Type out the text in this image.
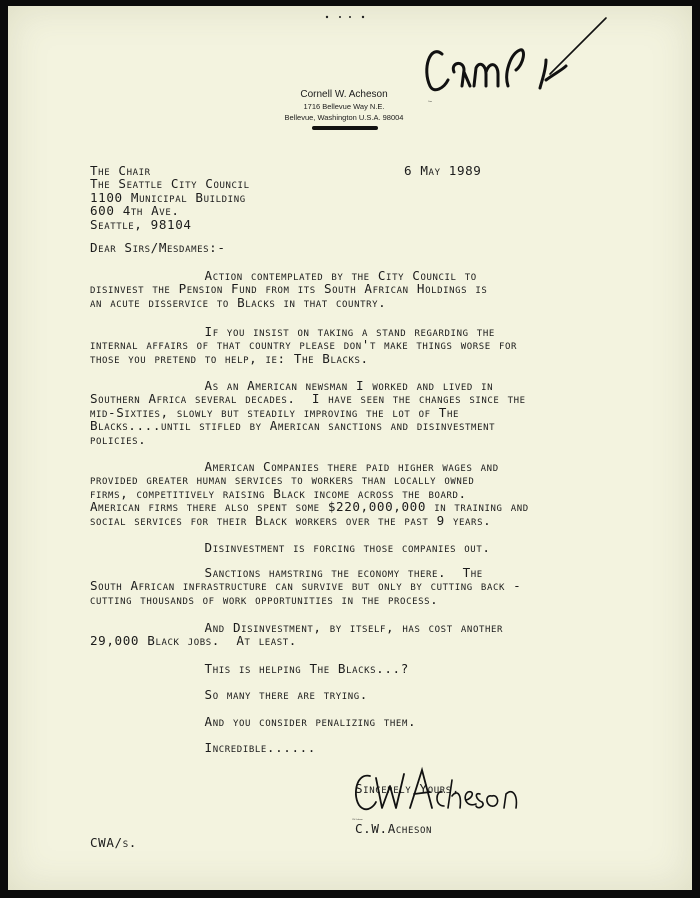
Cam
Cornell W. Acheson
1716 Bellevue Way N.E.
Bellevue, Washington U.S.A. 98004
6 May 1989
The Chair
The Seattle City Council
1100 Municipal Building
600 4th Ave.
Seattle, 98104
Dear Sirs/Mesdames:-
Action contemplated by the City Council to
disinvest the Pension Fund from its South African Holdings is
an acute disservice to Blacks in that country.
If you insist on taking a stand regarding the
internal affairs of that country please don't make things worse for
those you pretend to help, ie: The Blacks.
As an American newsman I worked and lived in
Southern Africa several decades.  I have seen the changes since the
mid-Sixties, slowly but steadily improving the lot of The
Blacks....until stifled by American sanctions and disinvestment
policies.
American Companies there paid higher wages and
provided greater human services to workers than locally owned
firms, competitively raising Black income across the board.
American firms there also spent some $220,000,000 in training and
social services for their Black workers over the past 9 years.
Disinvestment is forcing those companies out.
Sanctions hamstring the economy there.  The
South African infrastructure can survive but only by cutting back -
cutting thousands of work opportunities in the process.
And Disinvestment, by itself, has cost another
29,000 Black jobs.  At least.
This is helping The Blacks...?
So many there are trying.
And you consider penalizing them.
Incredible......
Sincerely Yours,
CW Acheson
C.W.Acheson
CWA/s.
